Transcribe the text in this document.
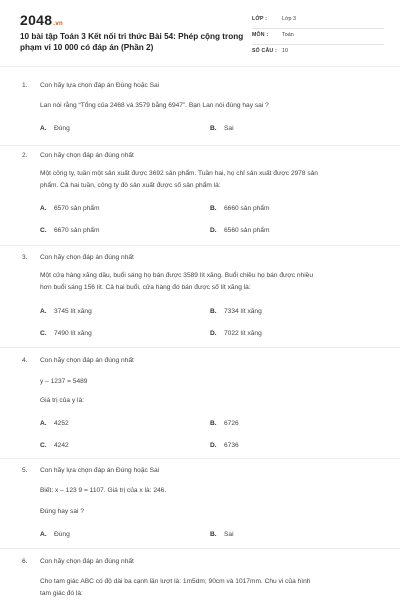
2048.vn
10 bài tập Toán 3 Kết nối tri thức Bài 54: Phép cộng trong phạm vi 10 000 có đáp án (Phần 2)
LỚP :	Lớp 3
MÔN :	Toán
SỐ CÂU : 10
1. Con hãy lựa chọn đáp án Đúng hoặc Sai
Lan nói rằng “Tổng của 2468 và 3579 bằng 6947”. Bạn Lan nói đúng hay sai ?
A. Đúng	B. Sai
2. Con hãy chọn đáp án đúng nhất
Một công ty, tuần một sản xuất được 3692 sản phẩm. Tuần hai, họ chỉ sản xuất được 2978 sản
phẩm. Cả hai tuần, công ty đó sản xuất được số sản phẩm là:
A. 6570 sản phẩm	B. 6660 sản phẩm
C. 6670 sản phẩm	D. 6560 sản phẩm
3. Con hãy chọn đáp án đúng nhất
Một cửa hàng xăng dầu, buổi sáng họ bán được 3589 lít xăng. Buổi chiều họ bán được nhiều
hơn buổi sáng 156 lít. Cả hai buổi, cửa hàng đó bán được số lít xăng là:
A. 3745 lít xăng	B. 7334 lít xăng
C. 7490 lít xăng	D. 7022 lít xăng
4. Con hãy chọn đáp án đúng nhất
y – 1237 = 5489
Giá trị của y là:
A. 4252	B. 6726
C. 4242	D. 6736
5. Con hãy lựa chọn đáp án Đúng hoặc Sai
Biết: x – 123 9 = 1107. Giá trị của x là: 246.
Đúng hay sai ?
A. Đúng	B. Sai
6. Con hãy chọn đáp án đúng nhất
Cho tam giác ABC có độ dài ba cạnh lần lượt là: 1m5dm; 90cm và 1017mm. Chu vi của hình
tam giác đó là:
